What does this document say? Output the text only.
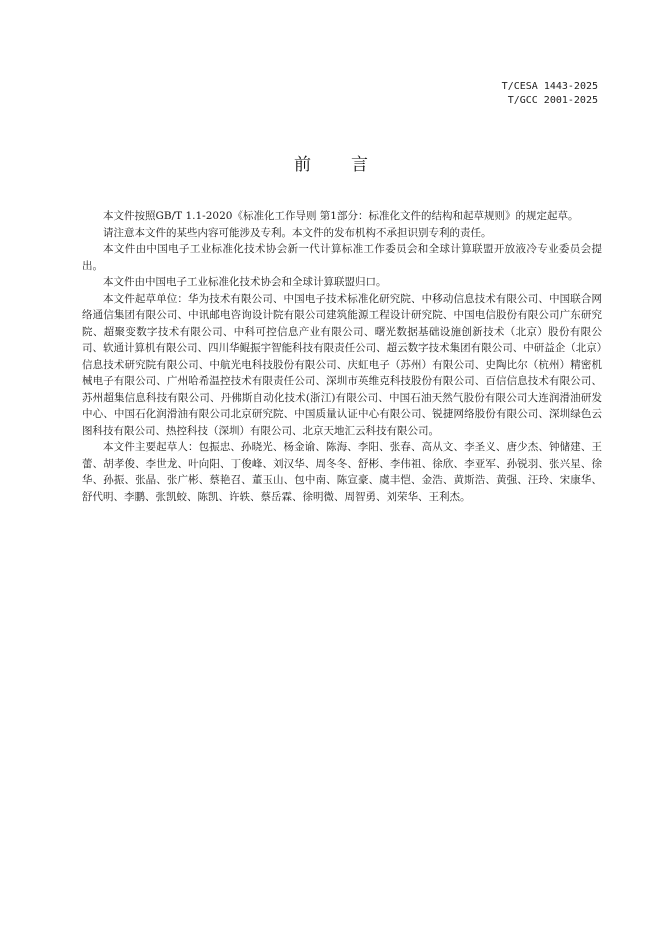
T/CESA 1443-2025
T/GCC 2001-2025
前言

本文件按照GB/T 1.1-2020《标准化工作导则 第1部分：标准化文件的结构和起草规则》的规定起草。

请注意本文件的某些内容可能涉及专利。本文件的发布机构不承担识别专利的责任。

本文件由中国电子工业标准化技术协会新一代计算标准工作委员会和全球计算联盟开放液冷专业委员会提出。

本文件由中国电子工业标准化技术协会和全球计算联盟归口。

本文件起草单位：华为技术有限公司、中国电子技术标准化研究院、中移动信息技术有限公司、中国联合网络通信集团有限公司、中讯邮电咨询设计院有限公司建筑能源工程设计研究院、中国电信股份有限公司广东研究院、超聚变数字技术有限公司、中科可控信息产业有限公司、曙光数据基础设施创新技术（北京）股份有限公司、软通计算机有限公司、四川华鲲振宇智能科技有限责任公司、超云数字技术集团有限公司、中研益企（北京）信息技术研究院有限公司、中航光电科技股份有限公司、庆虹电子（苏州）有限公司、史陶比尔（杭州）精密机械电子有限公司、广州哈希温控技术有限责任公司、深圳市英维克科技股份有限公司、百信信息技术有限公司、苏州超集信息科技有限公司、丹佛斯自动化技术(浙江)有限公司、中国石油天然气股份有限公司大连润滑油研发中心、中国石化润滑油有限公司北京研究院、中国质量认证中心有限公司、锐捷网络股份有限公司、深圳绿色云图科技有限公司、热控科技（深圳）有限公司、北京天地汇云科技有限公司。

本文件主要起草人：包振忠、孙晓光、杨金谕、陈海、李阳、张春、高从文、李圣义、唐少杰、钟储建、王蕾、胡孝俊、李世龙、叶向阳、丁俊峰、刘汉华、周冬冬、舒彬、李伟祖、徐欣、李亚军、孙锐羽、张兴星、徐华、孙振、张晶、张广彬、蔡艳召、董玉山、包中南、陈宣豪、虞丰恺、金浩、黄斯浩、黄强、汪玲、宋康华、舒代明、李鹏、张凯蛟、陈凯、许轶、蔡岳霖、徐明微、周智勇、刘荣华、王利杰。
